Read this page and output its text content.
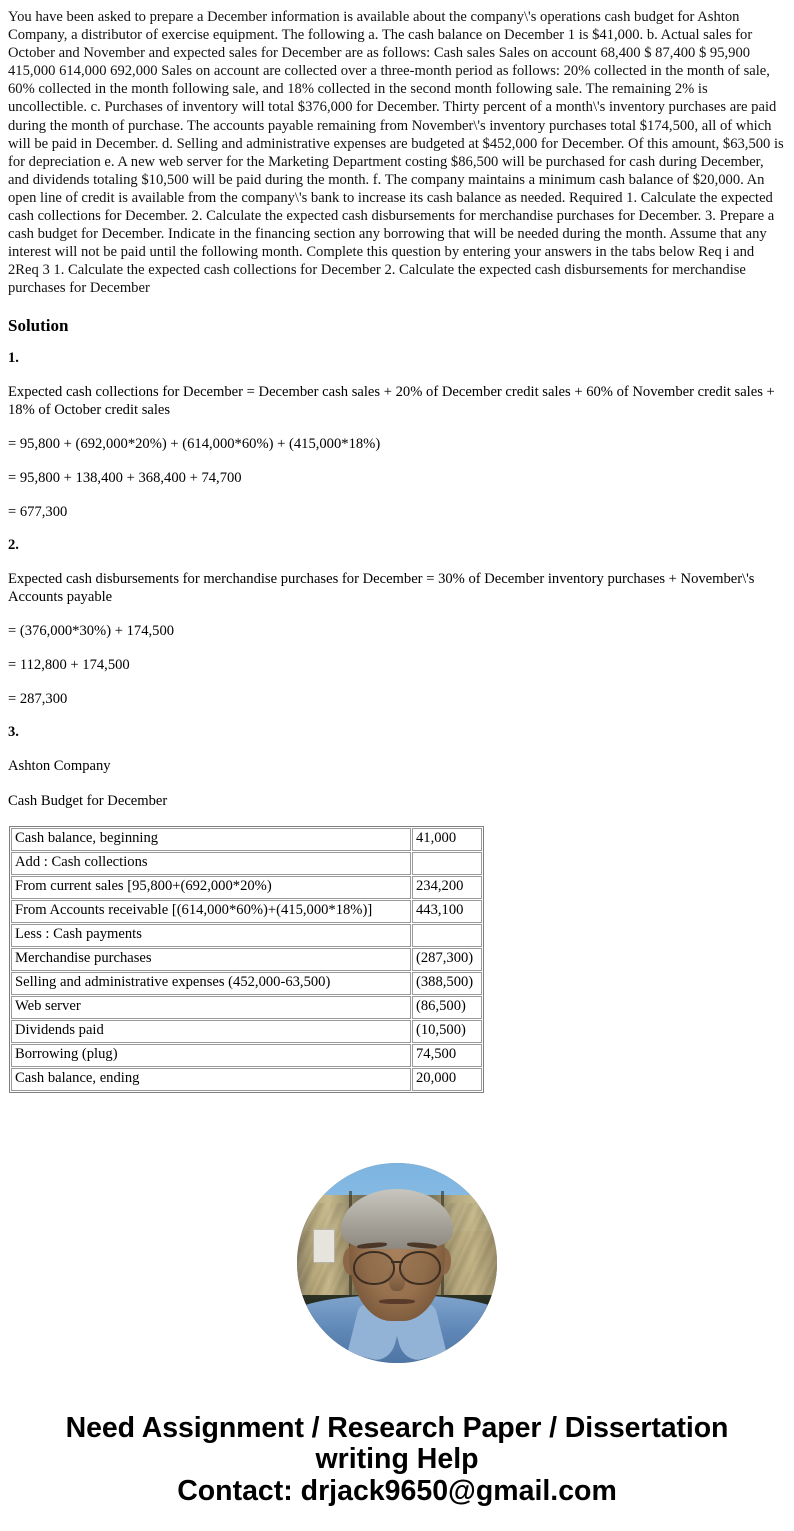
You have been asked to prepare a December information is available about the company\'s operations cash budget for Ashton Company, a distributor of exercise equipment. The following a. The cash balance on December 1 is $41,000. b. Actual sales for October and November and expected sales for December are as follows: Cash sales Sales on account 68,400 $ 87,400 $ 95,900 415,000 614,000 692,000 Sales on account are collected over a three-month period as follows: 20% collected in the month of sale, 60% collected in the month following sale, and 18% collected in the second month following sale. The remaining 2% is uncollectible. c. Purchases of inventory will total $376,000 for December. Thirty percent of a month\'s inventory purchases are paid during the month of purchase. The accounts payable remaining from November\'s inventory purchases total $174,500, all of which will be paid in December. d. Selling and administrative expenses are budgeted at $452,000 for December. Of this amount, $63,500 is for depreciation e. A new web server for the Marketing Department costing $86,500 will be purchased for cash during December, and dividends totaling $10,500 will be paid during the month. f. The company maintains a minimum cash balance of $20,000. An open line of credit is available from the company\'s bank to increase its cash balance as needed. Required 1. Calculate the expected cash collections for December. 2. Calculate the expected cash disbursements for merchandise purchases for December. 3. Prepare a cash budget for December. Indicate in the financing section any borrowing that will be needed during the month. Assume that any interest will not be paid until the following month. Complete this question by entering your answers in the tabs below Req i and 2Req 3 1. Calculate the expected cash collections for December 2. Calculate the expected cash disbursements for merchandise purchases for December

Solution

1.

Expected cash collections for December = December cash sales + 20% of December credit sales + 60% of November credit sales + 18% of October credit sales

= 95,800 + (692,000*20%) + (614,000*60%) + (415,000*18%)

= 95,800 + 138,400 + 368,400 + 74,700

= 677,300

2.

Expected cash disbursements for merchandise purchases for December = 30% of December inventory purchases + November\'s Accounts payable

= (376,000*30%) + 174,500

= 112,800 + 174,500

= 287,300

3.

Ashton Company

Cash Budget for December

Cash balance, beginning	41,000
Add : Cash collections	
From current sales [95,800+(692,000*20%)	234,200
From Accounts receivable [(614,000*60%)+(415,000*18%)]	443,100
Less : Cash payments	
Merchandise purchases	(287,300)
Selling and administrative expenses (452,000-63,500)	(388,500)
Web server	(86,500)
Dividends paid	(10,500)
Borrowing (plug)	74,500
Cash balance, ending	20,000
Need Assignment / Research Paper / Dissertation
writing Help
Contact: drjack9650@gmail.com
